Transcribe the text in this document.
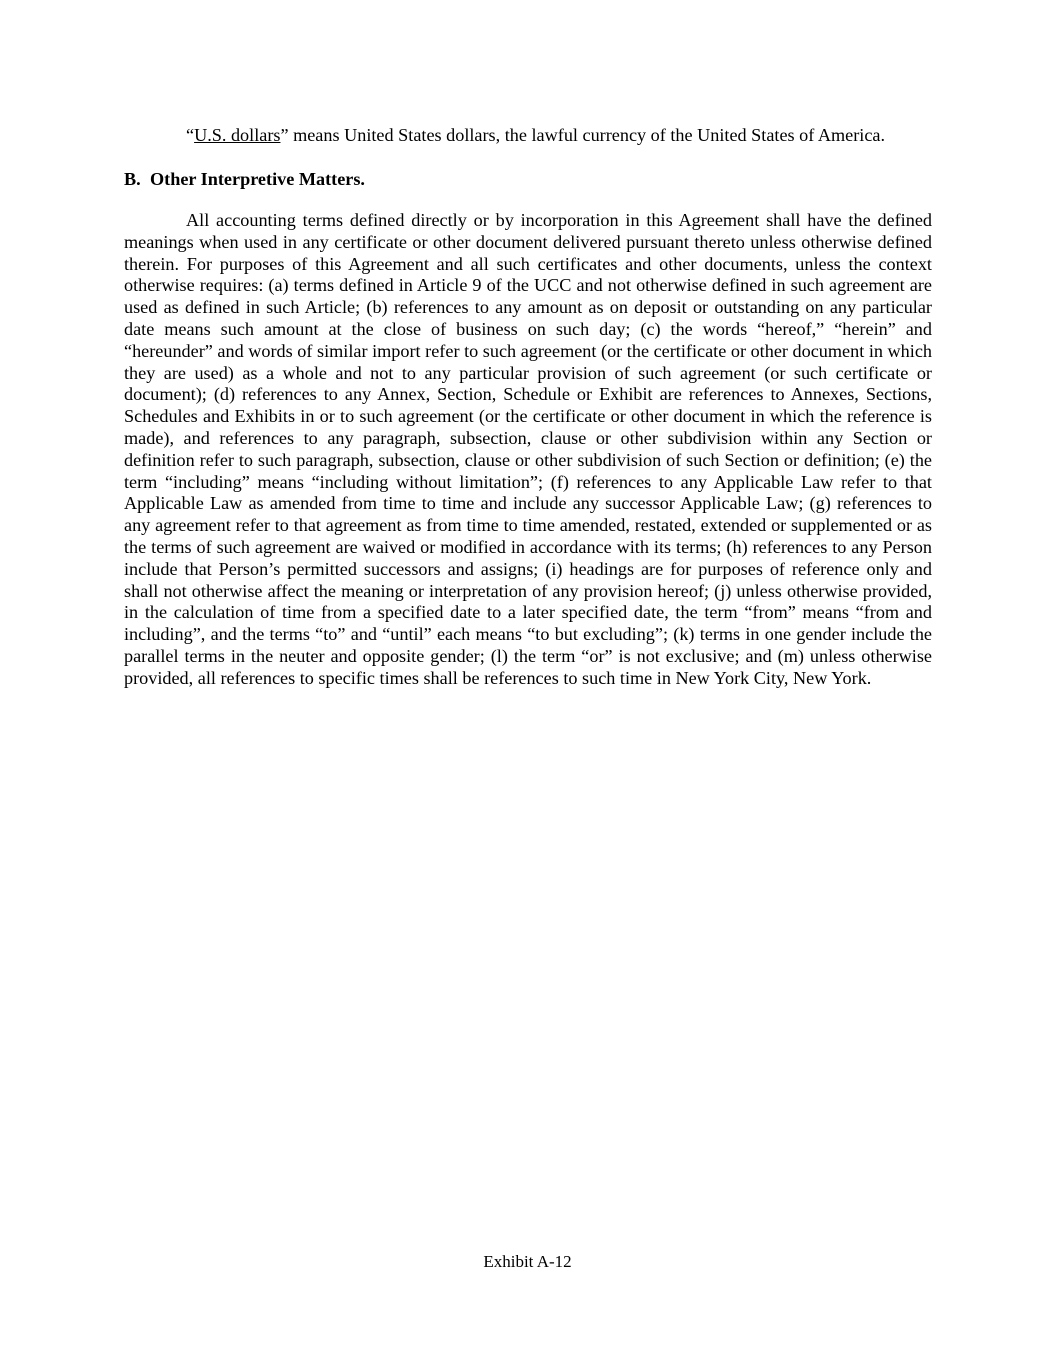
“U.S. dollars” means United States dollars, the lawful currency of the United States of America.

B. Other Interpretive Matters.

All accounting terms defined directly or by incorporation in this Agreement shall have the defined meanings when used in any certificate or other document delivered pursuant thereto unless otherwise defined therein. For purposes of this Agreement and all such certificates and other documents, unless the context otherwise requires: (a) terms defined in Article 9 of the UCC and not otherwise defined in such agreement are used as defined in such Article; (b) references to any amount as on deposit or outstanding on any particular date means such amount at the close of business on such day; (c) the words “hereof,” “herein” and “hereunder” and words of similar import refer to such agreement (or the certificate or other document in which they are used) as a whole and not to any particular provision of such agreement (or such certificate or document); (d) references to any Annex, Section, Schedule or Exhibit are references to Annexes, Sections, Schedules and Exhibits in or to such agreement (or the certificate or other document in which the reference is made), and references to any paragraph, subsection, clause or other subdivision within any Section or definition refer to such paragraph, subsection, clause or other subdivision of such Section or definition; (e) the term “including” means “including without limitation”; (f) references to any Applicable Law refer to that Applicable Law as amended from time to time and include any successor Applicable Law; (g) references to any agreement refer to that agreement as from time to time amended, restated, extended or supplemented or as the terms of such agreement are waived or modified in accordance with its terms; (h) references to any Person include that Person’s permitted successors and assigns; (i) headings are for purposes of reference only and shall not otherwise affect the meaning or interpretation of any provision hereof; (j) unless otherwise provided, in the calculation of time from a specified date to a later specified date, the term “from” means “from and including”, and the terms “to” and “until” each means “to but excluding”; (k) terms in one gender include the parallel terms in the neuter and opposite gender; (l) the term “or” is not exclusive; and (m) unless otherwise provided, all references to specific times shall be references to such time in New York City, New York.

Exhibit A-12
